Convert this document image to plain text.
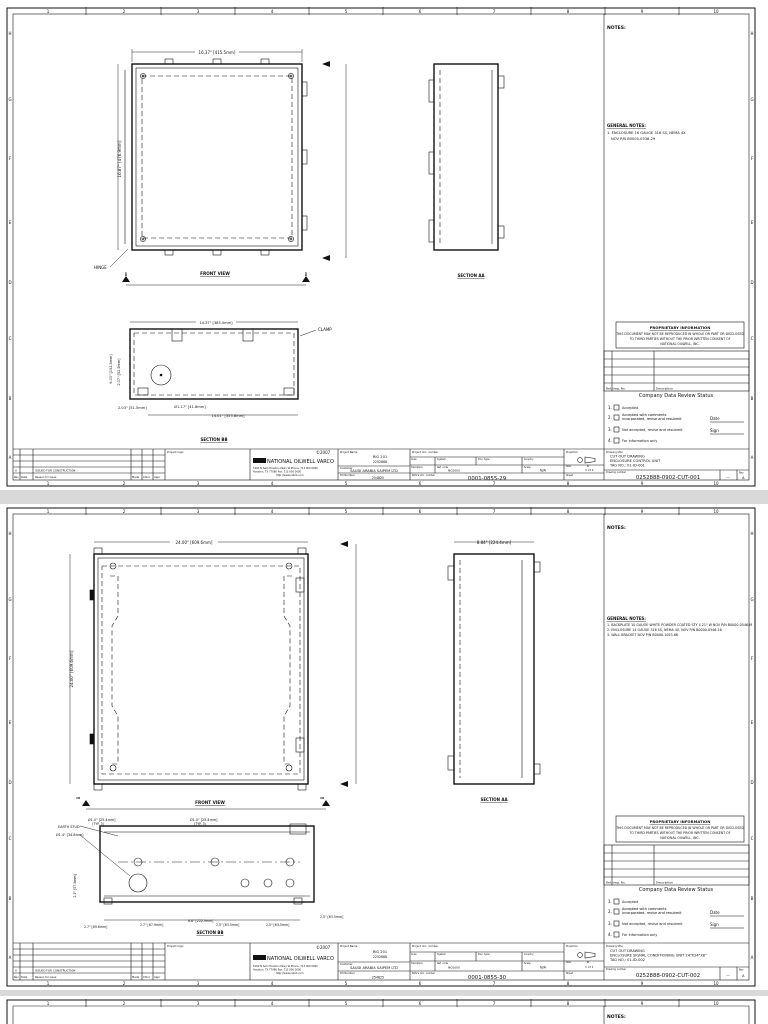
1
1
2
2
3
3
4
4
5
5
6
6
7
7
8
8
9
9
10
10
H	H
G	G
F	F
E	E
D	D
C	C
B	B
A	A
NOTES:
GENERAL NOTES:
1. ENCLOSURE 16 GAUGE 316 SS, NEMA 4X
NOV P/N B0000-0536-29
PROPRIETARY INFORMATION
THIS DOCUMENT MAY NOT BE REPRODUCED IN WHOLE OR PART OR DISCLOSED
TO THIRD PARTIES WITHOUT THE PRIOR WRITTEN CONSENT OF
NATIONAL OILWELL, INC.
Ref. dwg. No.	Description
Company Data Review Status
1.	Accepted
2.	Accepted with comments incorporated, revise and resubmit	Date
3.	Not accepted, revise and resubmit	Sign
4.	For information only
A	ISSUED FOR CONSTRUCTION
Rev Date	Reason for issue	Made Chkd Appr
Project logo
NATIONAL OILWELL VARCO
©2007
5100 N Sam Houston Pkwy W Phone: 713 000 0000
Houston, TX 77086 Fax: 713 000 0000
http://www.natoil.com
Project Name
RIG 201
2252888
Customer
SAUDI ARABIA SAIPEM LTD
PO Number
254825
Project doc. number
Area	System	Doc. type	Country
Discipline	Ref. code
NC0000
Scale
N/A
NOV's doc. number
0001-0855-29
Projection
Size	B
Sheet
1 of 1
Drawing title
CUT OUT DRAWING
ENCLOSURE CONTROL UNIT
TAG NO.: 01-ID-001
Drawing number
0252888-0902-CUT-001	—
Rev.
A
16.37" [415.5mm]
16.87" [476.9mm]
HINGE
FRONT VIEW
B	B	SECTION AA
14.37" [365.5mm]
CLAMP
14.01" [355.6mm]
Ø1.17" [41.8mm]
2.03" [51.5mm]
6.00" [152.5mm] 2.07" [52.5mm]
SECTION BB
1
1
2
2
3
3
4
4
5
5
6
6
7
7
8
8
9
9
10
10
H	H
G	G
F	F
E	E
D	D
C	C
B	B
A	A
NOTES:
GENERAL NOTES:
1. BACKPLATE 10 GAUGE WHITE POWDER COATED STY 4.21" W NOV P/N B0000-0546-M
2. ENCLOSURE 14 GAUGE 316 SS, NEMA 4X, NOV P/N B0000-0546-16
3. WALL BRACKET NOV P/N B0000-1053-66
PROPRIETARY INFORMATION
THIS DOCUMENT MAY NOT BE REPRODUCED IN WHOLE OR PART OR DISCLOSED
TO THIRD PARTIES WITHOUT THE PRIOR WRITTEN CONSENT OF
NATIONAL OILWELL, INC.
Ref. dwg. No.	Description
Company Data Review Status
1.	Accepted
2.	Accepted with comments incorporated, revise and resubmit	Date
3.	Not accepted, revise and resubmit	Sign
4.	For information only
A	ISSUED FOR CONSTRUCTION
Rev Date	Reason for issue	Made Chkd Appr
Project logo
NATIONAL OILWELL VARCO
©2007
5100 N Sam Houston Pkwy W Phone: 713 000 0000
Houston, TX 77086 Fax: 713 000 0000
http://www.natoil.com
Project Name
RIG 201
2252888
Customer
SAUDI ARABIA SAIPEM LTD
PO Number
254825
Project doc. number
Area	System	Doc. type	Country
Discipline	Ref. code
NC0000
Scale
N/A
NOV's doc. number
0001-0855-30
Projection
Size	B
Sheet
1 of 1
Drawing title
CUT OUT DRAWING
ENCLOSURE SIGNAL CONDITIONING UNIT 24"X24"X8"
TAG NO.: 01-ID-002
Drawing number
0252888-0902-CUT-002	—
Rev.
A
24.00" [609.6mm]
24.00" [609.6mm]
FRONT VIEW
B	B
8.84" [224.4mm]
SECTION AA
EARTH STUD
Ø1.0" [25.4mm]
(TYP. 3)
Ø1.0" [25.4mm]
(TYP. 3)
Ø1.4" [34.8mm]
2.2" [57.4mm]
2.7" [69.6mm]	2.7" [67.9mm]
8.8" [222.9mm]
2.5" [63.5mm]	2.5" [63.5mm]
2.5" [63.5mm]
SECTION BB
1	2	3	4	5	6	7	8	9	10
NOTES:
